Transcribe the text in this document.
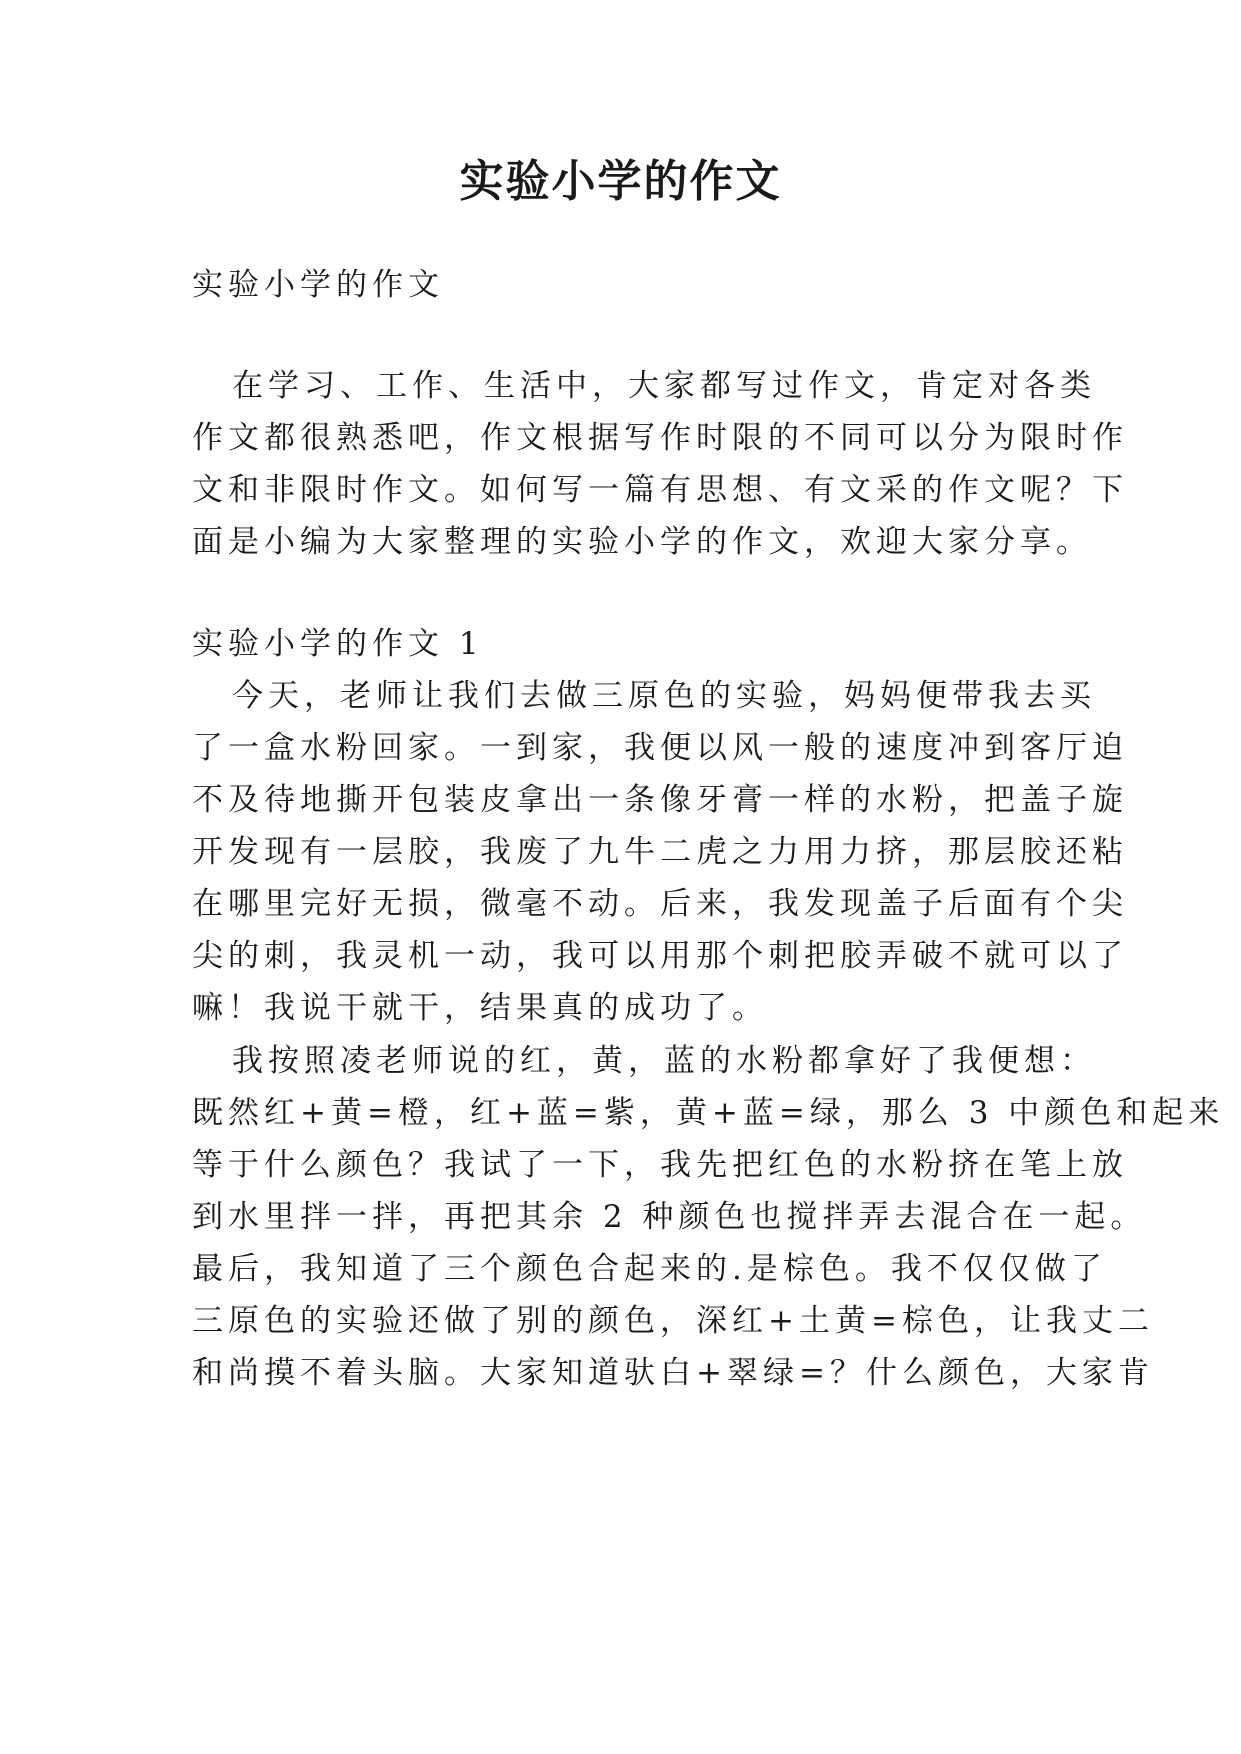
实验小学的作文

实验小学的作文

在学习、工作、生活中，大家都写过作文，肯定对各类

作文都很熟悉吧，作文根据写作时限的不同可以分为限时作

文和非限时作文。如何写一篇有思想、有文采的作文呢？下

面是小编为大家整理的实验小学的作文，欢迎大家分享。

实验小学的作文 1

今天，老师让我们去做三原色的实验，妈妈便带我去买

了一盒水粉回家。一到家，我便以风一般的速度冲到客厅迫

不及待地撕开包装皮拿出一条像牙膏一样的水粉，把盖子旋

开发现有一层胶，我废了九牛二虎之力用力挤，那层胶还粘

在哪里完好无损，微毫不动。后来，我发现盖子后面有个尖

尖的刺，我灵机一动，我可以用那个刺把胶弄破不就可以了

嘛！我说干就干，结果真的成功了。

我按照凌老师说的红，黄，蓝的水粉都拿好了我便想：

既然红+黄=橙，红+蓝=紫，黄+蓝=绿，那么 3 中颜色和起来

等于什么颜色？我试了一下，我先把红色的水粉挤在笔上放

到水里拌一拌，再把其余 2 种颜色也搅拌弄去混合在一起。

最后，我知道了三个颜色合起来的.是棕色。我不仅仅做了

三原色的实验还做了别的颜色，深红+土黄=棕色，让我丈二

和尚摸不着头脑。大家知道驮白+翠绿=？什么颜色，大家肯
